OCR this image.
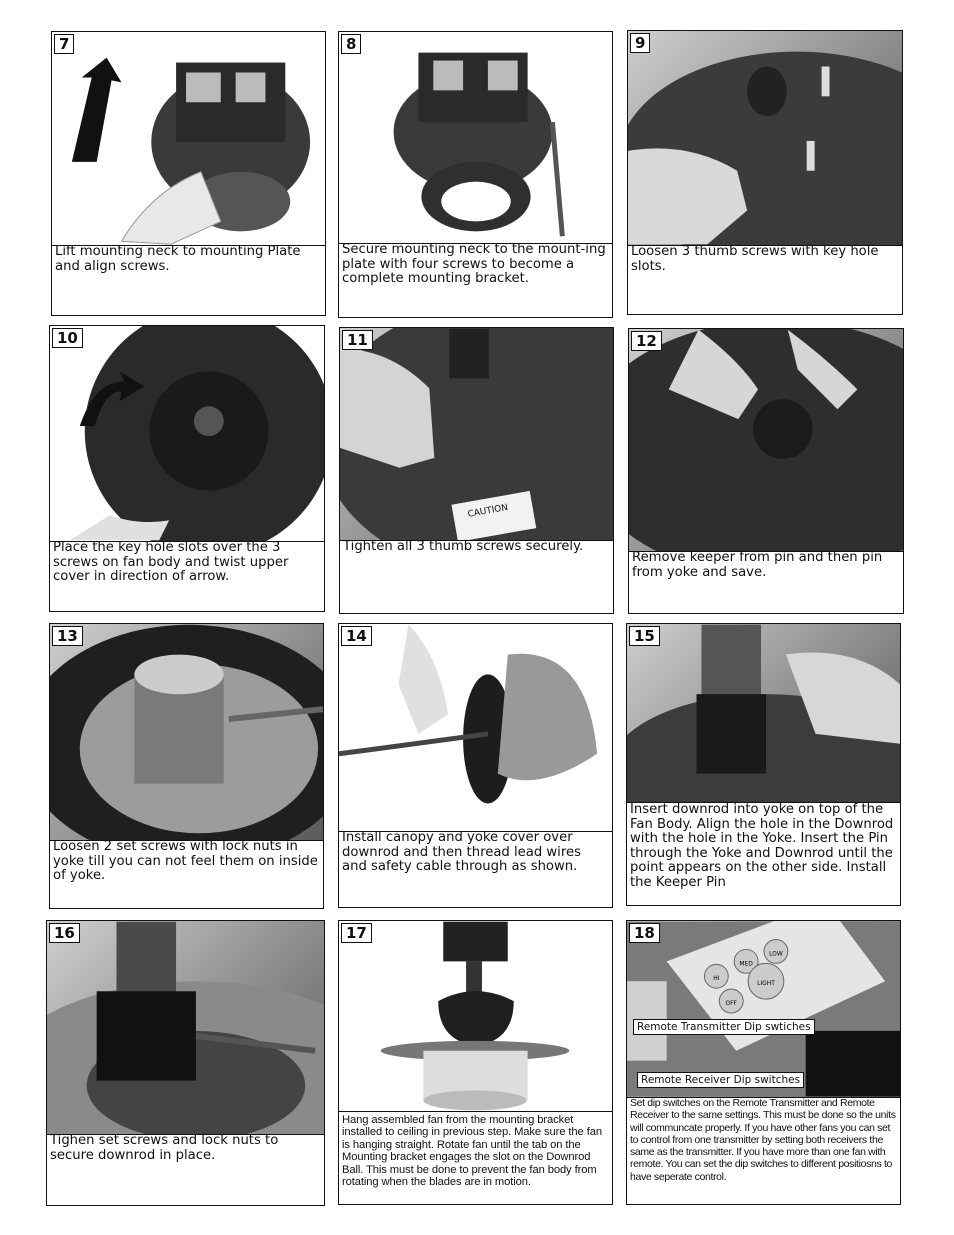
7
Lift mounting neck to mounting Plate and align screws.
8
Secure mounting neck to the mount-ing plate with four screws to become a complete mounting bracket.
9
Loosen 3 thumb screws with key hole slots.
10
Place the key hole slots over the 3 screws on fan body and twist upper cover in direction of arrow.
CAUTION
11
Tighten all 3 thumb screws securely.
12
Remove keeper from pin and then pin from yoke and save.
13
Loosen 2 set screws with lock nuts in yoke till you can not feel them on inside of yoke.
14
Install canopy and yoke cover over downrod and then thread lead wires and safety cable through as shown.
15
Insert downrod into yoke on top of the Fan Body. Align the hole in the Downrod with the hole in the Yoke. Insert the Pin through the Yoke and Downrod until the point appears on the other side. Install the Keeper Pin
16
Tighen set screws and lock nuts to secure downrod in place.
17
Hang assembled fan from the mounting bracket installed to ceiling in previous step. Make sure the fan is hanging straight. Rotate fan until the tab on the Mounting bracket engages the slot on the Downrod Ball. This must be done to prevent the fan body from rotating when the blades are in motion.
HI
MED
LOW
OFF
LIGHT
18
Remote Transmitter Dip swtiches
Remote Receiver Dip switches
Set dip switches on the Remote Transmitter and Remote Receiver to the same settings. This must be done so the units will communcate properly. If you have other fans you can set to control from one transmitter by setting both receivers the same as the transmitter. If you have more than one fan with remote. You can set the dip switches to different positiosns to have seperate control.
